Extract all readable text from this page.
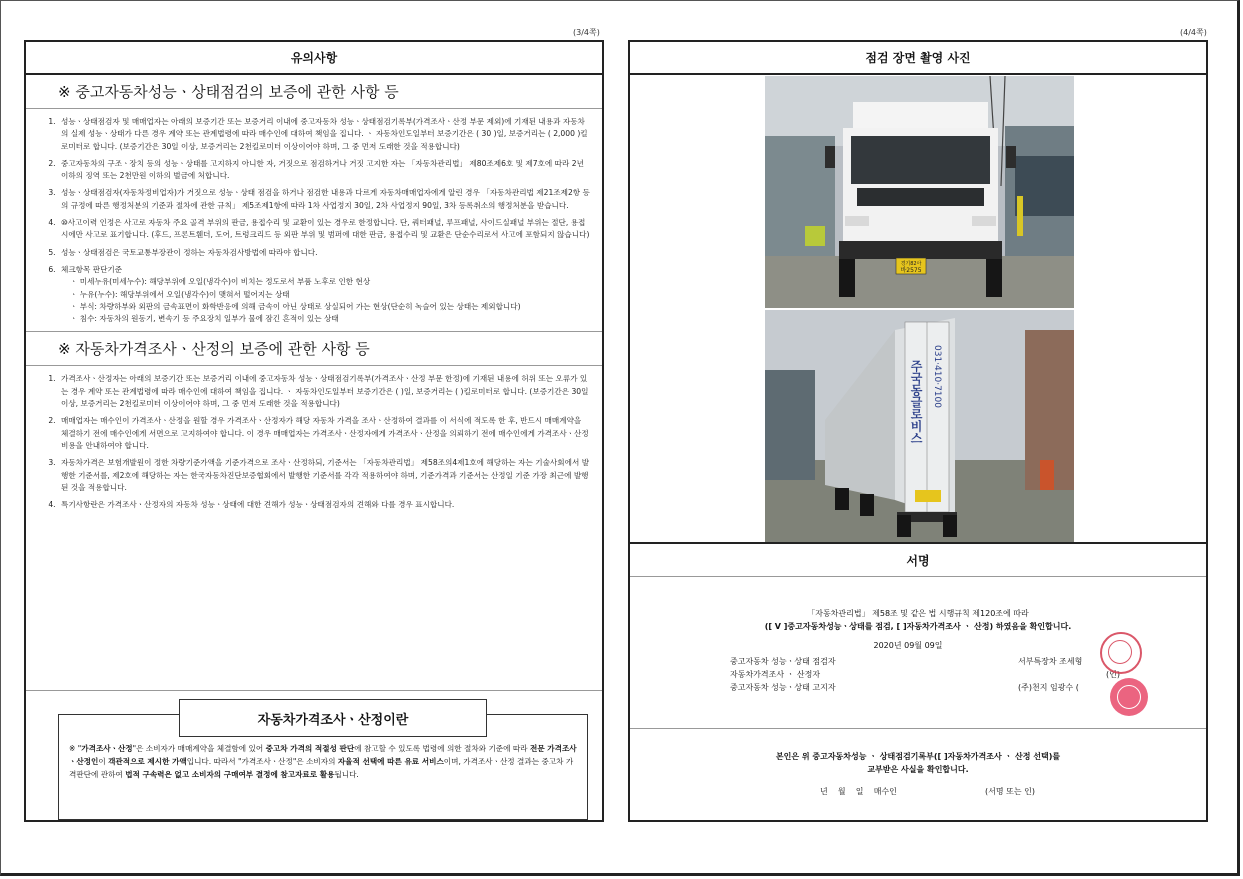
(3/4쪽)	(4/4쪽)
유의사항
※ 중고자동차성능ㆍ상태점검의 보증에 관한 사항 등
1. 성능ㆍ상태점검자 및 매매업자는 아래의 보증기간 또는 보증거리 이내에 중고자동차 성능ㆍ상태점검기록부(가격조사ㆍ산정 부문 제외)에 기재된 내용과 자동차의 실제 성능ㆍ상태가 다른 경우 계약 또는 관계법령에 따라 매수인에 대하여 책임을 집니다. ㆍ 자동차인도일부터 보증기간은 ( 30 )일, 보증거리는 ( 2,000 )킬로미터로 합니다. (보증기간은 30일 이상, 보증거리는 2천킬로미터 이상이어야 하며, 그 중 먼저 도래한 것을 적용합니다)
2. 중고자동차의 구조ㆍ장치 등의 성능ㆍ상태를 고지하지 아니한 자, 거짓으로 점검하거나 거짓 고지한 자는 「자동차관리법」 제80조제6호 및 제7호에 따라 2년 이하의 징역 또는 2천만원 이하의 벌금에 처합니다.
3. 성능ㆍ상태점검자(자동차정비업자)가 거짓으로 성능ㆍ상태 점검을 하거나 점검한 내용과 다르게 자동차매매업자에게 알린 경우 「자동차관리법 제21조제2항 등의 규정에 따른 행정처분의 기준과 절차에 관한 규칙」 제5조제1항에 따라 1차 사업정지 30일, 2차 사업정지 90일, 3차 등록취소의 행정처분을 받습니다.
4. ⑩사고이력 인정은 사고로 자동차 주요 골격 부위의 판금, 용접수리 및 교환이 있는 경우로 한정합니다. 단, 쿼터패널, 루프패널, 사이드실패널 부위는 절단, 용접시에만 사고로 표기합니다. (후드, 프론트휀더, 도어, 트렁크리드 등 외판 부위 및 범퍼에 대한 판금, 용접수리 및 교환은 단순수리로서 사고에 포함되지 않습니다)
5. 성능ㆍ상태점검은 국토교통부장관이 정하는 자동차검사방법에 따라야 합니다.
6. 체크항목 판단기준
ㆍ 미세누유(미세누수): 해당부위에 오일(냉각수)이 비치는 정도로서 부품 노후로 인한 현상
ㆍ 누유(누수): 해당부위에서 오일(냉각수)이 맺혀서 떨어지는 상태
ㆍ 부식: 차량하부와 외판의 금속표면이 화학반응에 의해 금속이 아닌 상태로 상실되어 가는 현상(단순히 녹슬어 있는 상태는 제외합니다)
ㆍ 침수: 자동차의 원동기, 변속기 등 주요장치 일부가 물에 잠긴 흔적이 있는 상태
※ 자동차가격조사ㆍ산정의 보증에 관한 사항 등
1. 가격조사ㆍ산정자는 아래의 보증기간 또는 보증거리 이내에 중고자동차 성능ㆍ상태점검기록부(가격조사ㆍ산정 부문 한정)에 기재된 내용에 허위 또는 오류가 있는 경우 계약 또는 관계법령에 따라 매수인에 대하여 책임을 집니다. ㆍ 자동차인도일부터 보증기간은 ( )일, 보증거리는 ( )킬로미터로 합니다. (보증기간은 30일 이상, 보증거리는 2천킬로미터 이상이어야 하며, 그 중 먼저 도래한 것을 적용합니다)
2. 매매업자는 매수인이 가격조사ㆍ산정을 원할 경우 가격조사ㆍ산정자가 해당 자동차 가격을 조사ㆍ산정하여 결과를 이 서식에 적도록 한 후, 반드시 매매계약을 체결하기 전에 매수인에게 서면으로 고지하여야 합니다. 이 경우 매매업자는 가격조사ㆍ산정자에게 가격조사ㆍ산정을 의뢰하기 전에 매수인에게 가격조사ㆍ산정 비용을 안내하여야 합니다.
3. 자동차가격은 보험개발원이 정한 차량기준가액을 기준가격으로 조사ㆍ산정하되, 기준서는 「자동차관리법」 제58조의4제1호에 해당하는 자는 기술사회에서 발행한 기준서를, 제2호에 해당하는 자는 한국자동차진단보증협회에서 발행한 기준서를 각각 적용하여야 하며, 기준가격과 기준서는 산정일 기준 가장 최근에 발행된 것을 적용합니다.
4. 특기사항란은 가격조사ㆍ산정자의 자동차 성능ㆍ상태에 대한 견해가 성능ㆍ상태점검자의 견해와 다를 경우 표시합니다.
자동차가격조사ㆍ산정이란
※ "가격조사ㆍ산정"은 소비자가 매매계약을 체결함에 있어 중고차 가격의 적절성 판단에 참고할 수 있도록 법령에 의한 절차와 기준에 따라 전문 가격조사ㆍ산정인이 객관적으로 제시한 가액입니다. 따라서 "가격조사ㆍ산정"은 소비자의 자율적 선택에 따른 유료 서비스이며, 가격조사ㆍ산정 결과는 중고차 가격판단에 관하여 법적 구속력은 없고 소비자의 구매여부 결정에 참고자료로 활용됩니다.
점검 장면 촬영 사진
경기82아
바2575
주국동글로비스 031·410·7100
서명
「자동차관리법」 제58조 및 같은 법 시행규칙 제120조에 따라
([ V ]중고자동차성능ㆍ상태를 점검, [ ]자동차가격조사 ㆍ 산정) 하였음을 확인합니다.
2020년 09월 09일
중고자동차 성능ㆍ상태 점검자
자동차가격조사 ㆍ 산정자
중고자동차 성능ㆍ상태 고지자
서부특장차 조세형
(인)
(주)천지 임광수 (
본인은 위 중고자동차성능 ㆍ 상태점검기록부([ ]자동차가격조사 ㆍ 산정 선택)를
교부받은 사실을 확인합니다.
년    월    일    매수인	(서명 또는 인)
